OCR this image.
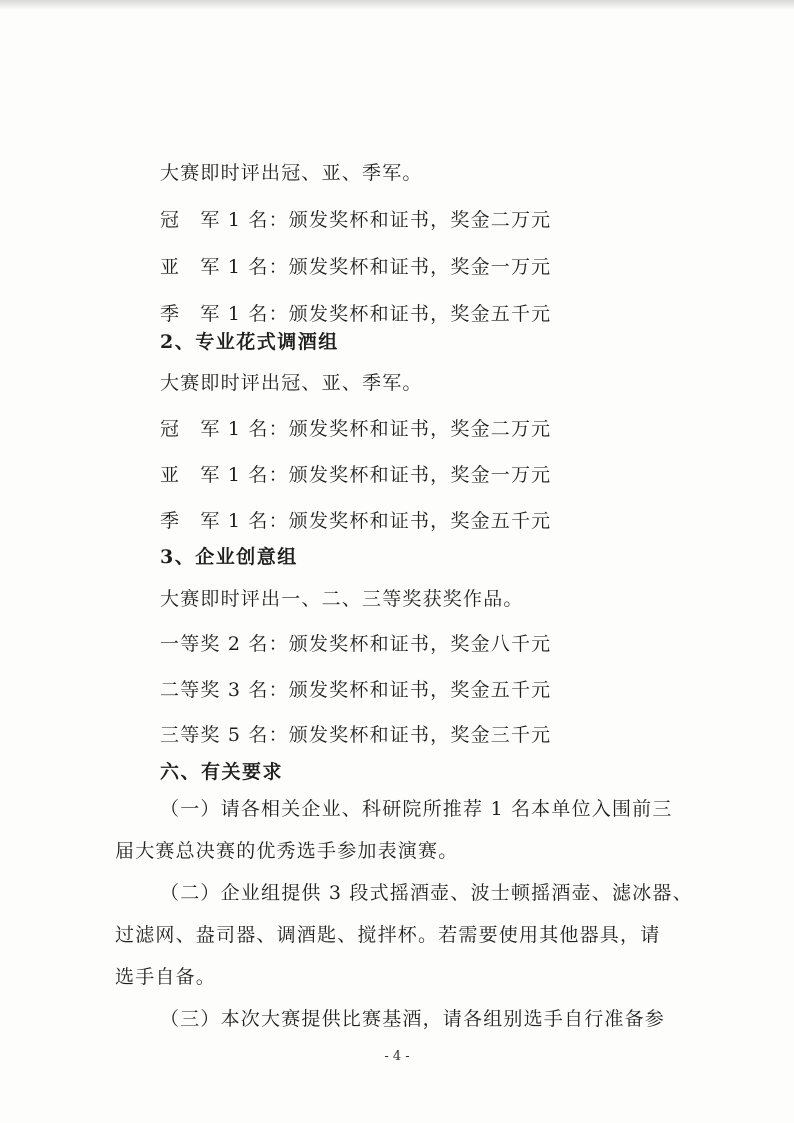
大赛即时评出冠、亚、季军。
冠　军 1 名：颁发奖杯和证书，奖金二万元
亚　军 1 名：颁发奖杯和证书，奖金一万元
季　军 1 名：颁发奖杯和证书，奖金五千元
2、专业花式调酒组
大赛即时评出冠、亚、季军。
冠　军 1 名：颁发奖杯和证书，奖金二万元
亚　军 1 名：颁发奖杯和证书，奖金一万元
季　军 1 名：颁发奖杯和证书，奖金五千元
3、企业创意组
大赛即时评出一、二、三等奖获奖作品。
一等奖 2 名：颁发奖杯和证书，奖金八千元
二等奖 3 名：颁发奖杯和证书，奖金五千元
三等奖 5 名：颁发奖杯和证书，奖金三千元
六、有关要求
（一）请各相关企业、科研院所推荐 1 名本单位入围前三
届大赛总决赛的优秀选手参加表演赛。
（二）企业组提供 3 段式摇酒壶、波士顿摇酒壶、滤冰器、
过滤网、盎司器、调酒匙、搅拌杯。若需要使用其他器具，请
- 4 -
选手自备。
（三）本次大赛提供比赛基酒，请各组别选手自行准备参
